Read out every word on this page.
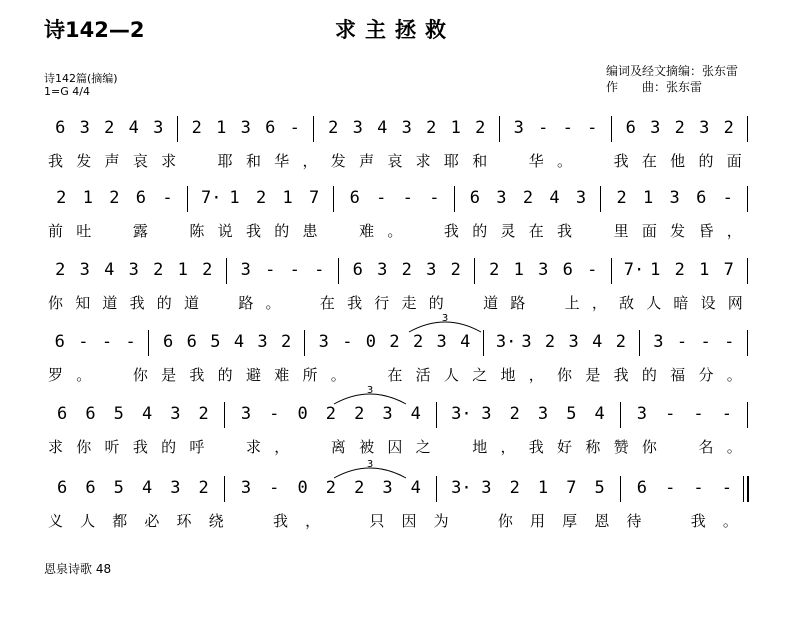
诗142—2	求主拯救
诗142篇(摘编)
1=G 4/4
编词及经文摘编：张东雷
作　　曲：张东雷
6 3 2 4 3 2 1 3 6 - 2 3 4 3 2 1 2 3 - - - 6 3 2 3 2
我 发 声 哀 求	耶 和 华 ， 发 声 哀 求 耶 和	华 。	我 在 他 的 面
2 1 2 6 - 7· 1 2 1 7 6 - - - 6 3 2 4 3 2 1 3 6 -
前 吐	露	陈 说 我 的 患	难 。	我 的 灵 在 我	里 面 发 昏 ，
2 3 4 3 2 1 2 3 - - - 6 3 2 3 2 2 1 3 6 - 7· 1 2 1 7
你 知 道 我 的 道	路 。	在 我 行 走 的	道 路	上 ， 敌 人 暗 设 网
6 - - - 6 6 5 4 3 2 3 - 0 2 2 3 4 3· 3 2 3 4 2 3 - - -
罗 。	你 是 我 的 避 难 所 。	在 活 人 之 地 ， 你 是 我 的 福 分 。
3
6 6 5 4 3 2 3 - 0 2 2 3 4 3· 3 2 3 5 4 3 - - -
求 你 听 我 的 呼	求 ，	离 被 囚 之	地 ， 我 好 称 赞 你	名 。
3
6 6 5 4 3 2 3 - 0 2 2 3 4 3· 3 2 1 7 5 6 - - -
义 人 都 必 环 绕	我 ，	只 因 为	你 用 厚 恩 待	我 。
3
恩泉诗歌 48
